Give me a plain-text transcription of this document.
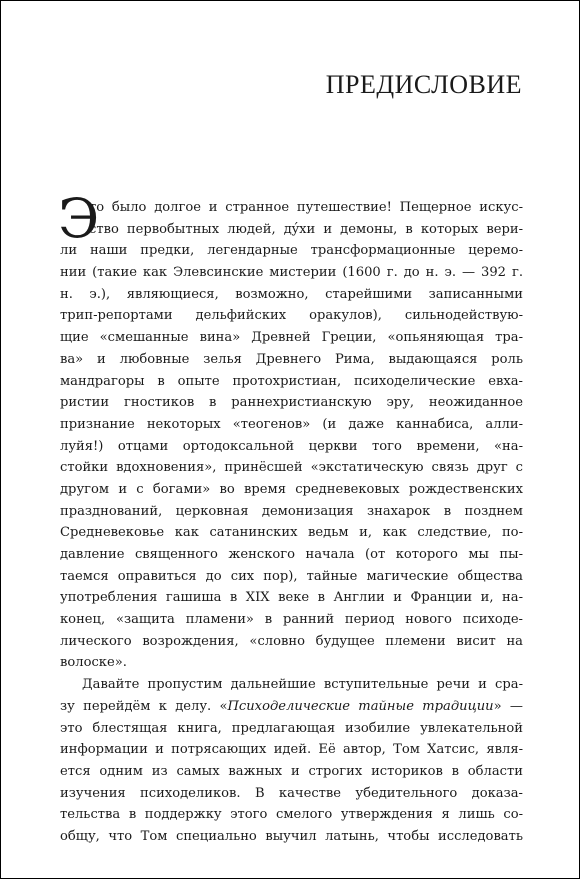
ПРЕДИСЛОВИЕ
Э
то было долгое и странное путешествие! Пещерное искус-
ство первобытных людей, дýхи и демоны, в которых вери-
ли наши предки, легендарные трансформационные церемо-
нии (такие как Элевсинские мистерии (1600 г. до н. э. — 392 г.
н. э.), являющиеся, возможно, старейшими записанными
трип-репортами дельфийских оракулов), сильнодействую-
щие «смешанные вина» Древней Греции, «опьяняющая тра-
ва» и любовные зелья Древнего Рима, выдающаяся роль
мандрагоры в опыте протохристиан, психоделические евха-
ристии гностиков в раннехристианскую эру, неожиданное
признание некоторых «теогенов» (и даже каннабиса, алли-
луйя!) отцами ортодоксальной церкви того времени, «на-
стойки вдохновения», принёсшей «экстатическую связь друг с
другом и с богами» во время средневековых рождественских
празднований, церковная демонизация знахарок в позднем
Средневековье как сатанинских ведьм и, как следствие, по-
давление священного женского начала (от которого мы пы-
таемся оправиться до сих пор), тайные магические общества
употребления гашиша в XIX веке в Англии и Франции и, на-
конец, «защита пламени» в ранний период нового психоде-
лического возрождения, «словно будущее племени висит на
волоске».
Давайте пропустим дальнейшие вступительные речи и сра-
зу перейдём к делу. «Психоделические тайные традиции» —
это блестящая книга, предлагающая изобилие увлекательной
информации и потрясающих идей. Её автор, Том Хатсис, явля-
ется одним из самых важных и строгих историков в области
изучения психоделиков. В качестве убедительного доказа-
тельства в поддержку этого смелого утверждения я лишь со-
общу, что Том специально выучил латынь, чтобы исследовать
